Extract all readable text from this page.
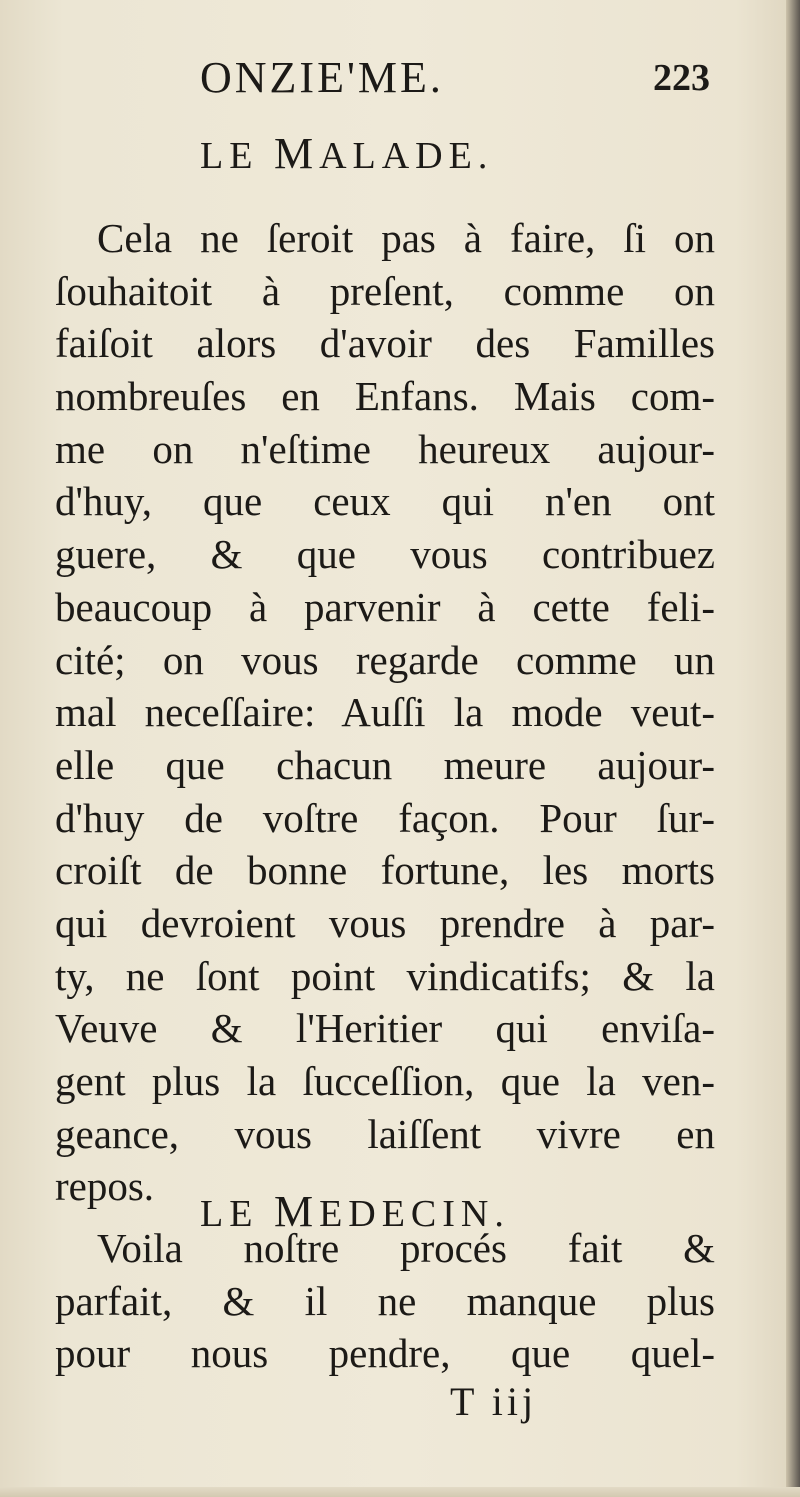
ONZIE'ME.	223
LE MALADE.
Cela ne ſeroit pas à faire, ſi on
ſouhaitoit à preſent, comme on
faiſoit alors d'avoir des Familles
nombreuſes en Enfans. Mais com-
me on n'eſtime heureux aujour-
d'huy, que ceux qui n'en ont
guere, & que vous contribuez
beaucoup à parvenir à cette feli-
cité; on vous regarde comme un
mal neceſſaire: Auſſi la mode veut-
elle que chacun meure aujour-
d'huy de voſtre façon. Pour ſur-
croiſt de bonne fortune, les morts
qui devroient vous prendre à par-
ty, ne ſont point vindicatifs; & la
Veuve & l'Heritier qui enviſa-
gent plus la ſucceſſion, que la ven-
geance, vous laiſſent vivre en
repos.
LE MEDECIN.
Voila noſtre procés fait &
parfait, & il ne manque plus
pour nous pendre, que quel-
T iij
